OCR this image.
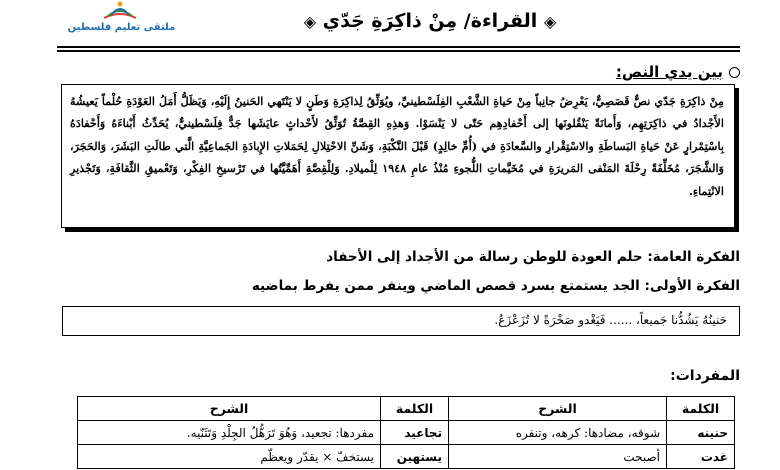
ملتقى تعليم فلسطين	◈ القراءة/ مِنْ ذاكِرَةِ جَدّي ◈
بين يدي النص:
مِنْ ذاكِرَةِ جَدّي نصٌّ قَصَصِيٌّ، يَعْرِضُ جانِباً مِنْ حَياةِ الشَّعْبِ الفِلَسْطينيِّ، ويُوَثِّقُ لِذاكِرَةِ وَطَنٍ لا يَنْتَهي الحَنينُ إِلَيْهِ، وَيَظَلُّ أَمَلُ العَوْدَةِ حُلْماً يَعيشُهُ الأَجْدادُ في ذاكِرَتِهِم، وَأَمانَةً يَنْقُلونَها إلى أَحْفادِهِم حَتّى لا يَنْسَوْا. وَهذِهِ القِصَّةُ تُوَثِّقُ لأَحْداثٍ عايَشَها جَدٌّ فِلَسْطينيٌّ، يُحَدِّثُ أَبْناءَهُ وَأَحْفادَهُ بِاسْتِمْرارٍ عَنْ حَياةِ البَساطَةِ والاسْتِقْرارِ والسَّعادَةِ في (أُمِّ خالِدٍ) قَبْلَ النَّكْبَةِ، وَشَنِّ الاحْتِلالِ لِحَمَلاتِ الإِبادَةِ الجَماعِيَّةِ الَّتي طالَتِ البَشَرَ، وَالحَجَرَ، وَالشَّجَرَ، مُخَلِّفَةً رِحْلَةَ المَنْفى المَريرَةِ في مُخَيَّماتِ اللُّجوءِ مُنْذُ عامِ ١٩٤٨ لِلْميلادِ. وَلِلْقِصَّةِ أَهَمِّيَّتُها في تَرْسيخِ الفِكْرِ، وَتَعْميقِ الثَّقافَةِ، وَتَجْذيرِ الانْتِماءِ.
الفكرة العامة: حلم العودة للوطن رسالة من الأجداد إلى الأحفاد
الفكرة الأولى: الجد يستمتع بسرد قصص الماضي وينفر ممن يفرط بماضيه
حَنينُهُ يَشُدُّنا جَميعاً، ...... فَيَغْدو صَخْرَةً لا تُزَعْزَعُ.
المفردات:
الكلمة	الشرح	الكلمة	الشرح
حنينه	شوقه، مضادها: كرهه، وتنفره	تجاعيد	مفردها: تجعيد، وَهُوَ تَرَهُّلُ الجِلْدِ وَتَثَنّيه.
غدت	أصبحت	يستهين	يستخفّ × يقدّر ويعظّم
